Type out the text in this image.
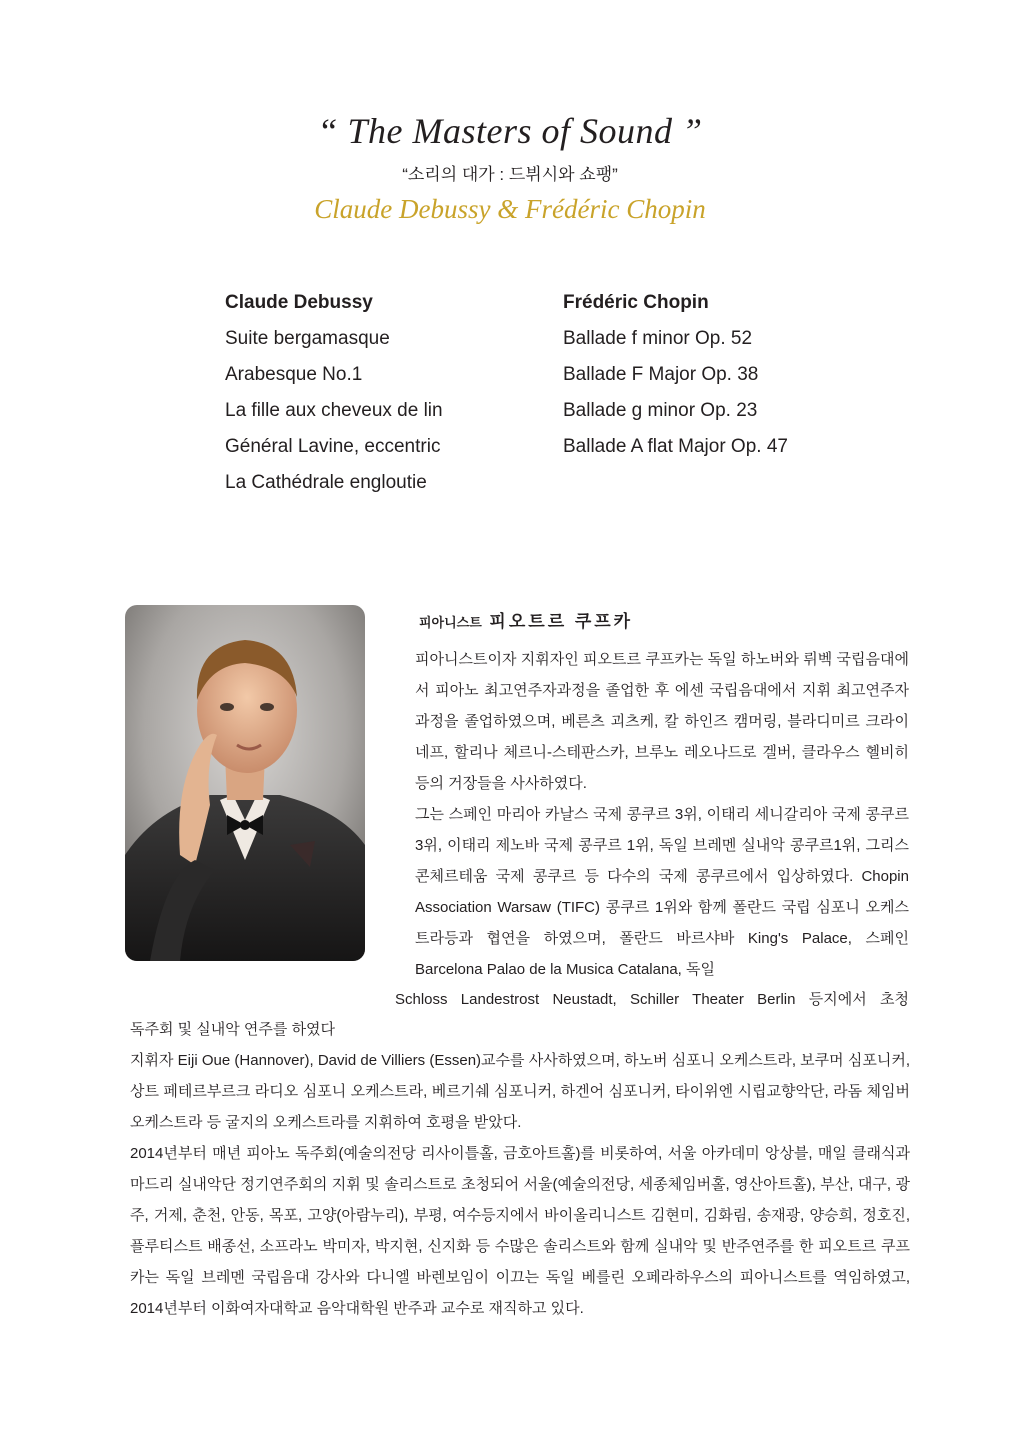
“ The Masters of Sound ”
“소리의 대가 : 드뷔시와 쇼팽”
Claude Debussy & Frédéric Chopin
Claude Debussy
Suite bergamasque
Arabesque No.1
La fille aux cheveux de lin
Général Lavine, eccentric
La Cathédrale engloutie
Frédéric Chopin
Ballade f minor Op. 52
Ballade F Major Op. 38
Ballade g minor Op. 23
Ballade A flat Major Op. 47
피아니스트 피오트르 쿠프카

피아니스트이자 지휘자인 피오트르 쿠프카는 독일 하노버와 뤼벡 국립음대에서 피아노 최고연주자과정을 졸업한 후 에센 국립음대에서 지휘 최고연주자과정을 졸업하였으며, 베른츠 괴츠케, 칼 하인즈 캠머링, 블라디미르 크라이네프, 할리나 체르니-스테판스카, 브루노 레오나드로 겔버, 클라우스 헬비히등의 거장들을 사사하였다.

그는 스페인 마리아 카날스 국제 콩쿠르 3위, 이태리 세니갈리아 국제 콩쿠르 3위, 이태리 제노바 국제 콩쿠르 1위, 독일 브레멘 실내악 콩쿠르1위, 그리스 콘체르테움 국제 콩쿠르 등 다수의 국제 콩쿠르에서 입상하였다. Chopin Association Warsaw (TIFC) 콩쿠르 1위와 함께 폴란드 국립 심포니 오케스트라등과 협연을 하였으며, 폴란드 바르샤바 King's Palace, 스페인 Barcelona Palao de la Musica Catalana, 독일

Schloss Landestrost Neustadt, Schiller Theater Berlin 등지에서 초청

독주회 및 실내악 연주를 하였다

지휘자 Eiji Oue (Hannover), David de Villiers (Essen)교수를 사사하였으며, 하노버 심포니 오케스트라, 보쿠머 심포니커, 상트 페테르부르크 라디오 심포니 오케스트라, 베르기쉐 심포니커, 하겐어 심포니커, 타이위엔 시립교향악단, 라돔 체임버오케스트라 등 굴지의 오케스트라를 지휘하여 호평을 받았다.

2014년부터 매년 피아노 독주회(예술의전당 리사이틀홀, 금호아트홀)를 비롯하여, 서울 아카데미 앙상블, 매일 클래식과 마드리 실내악단 정기연주회의 지휘 및 솔리스트로 초청되어 서울(예술의전당, 세종체임버홀, 영산아트홀), 부산, 대구, 광주, 거제, 춘천, 안동, 목포, 고양(아람누리), 부평, 여수등지에서 바이올리니스트 김현미, 김화림, 송재광, 양승희, 정호진, 플루티스트 배종선, 소프라노 박미자, 박지현, 신지화 등 수많은 솔리스트와 함께 실내악 및 반주연주를 한 피오트르 쿠프카는 독일 브레멘 국립음대 강사와 다니엘 바렌보임이 이끄는 독일 베를린 오페라하우스의 피아니스트를 역임하였고, 2014년부터 이화여자대학교 음악대학원 반주과 교수로 재직하고 있다.
